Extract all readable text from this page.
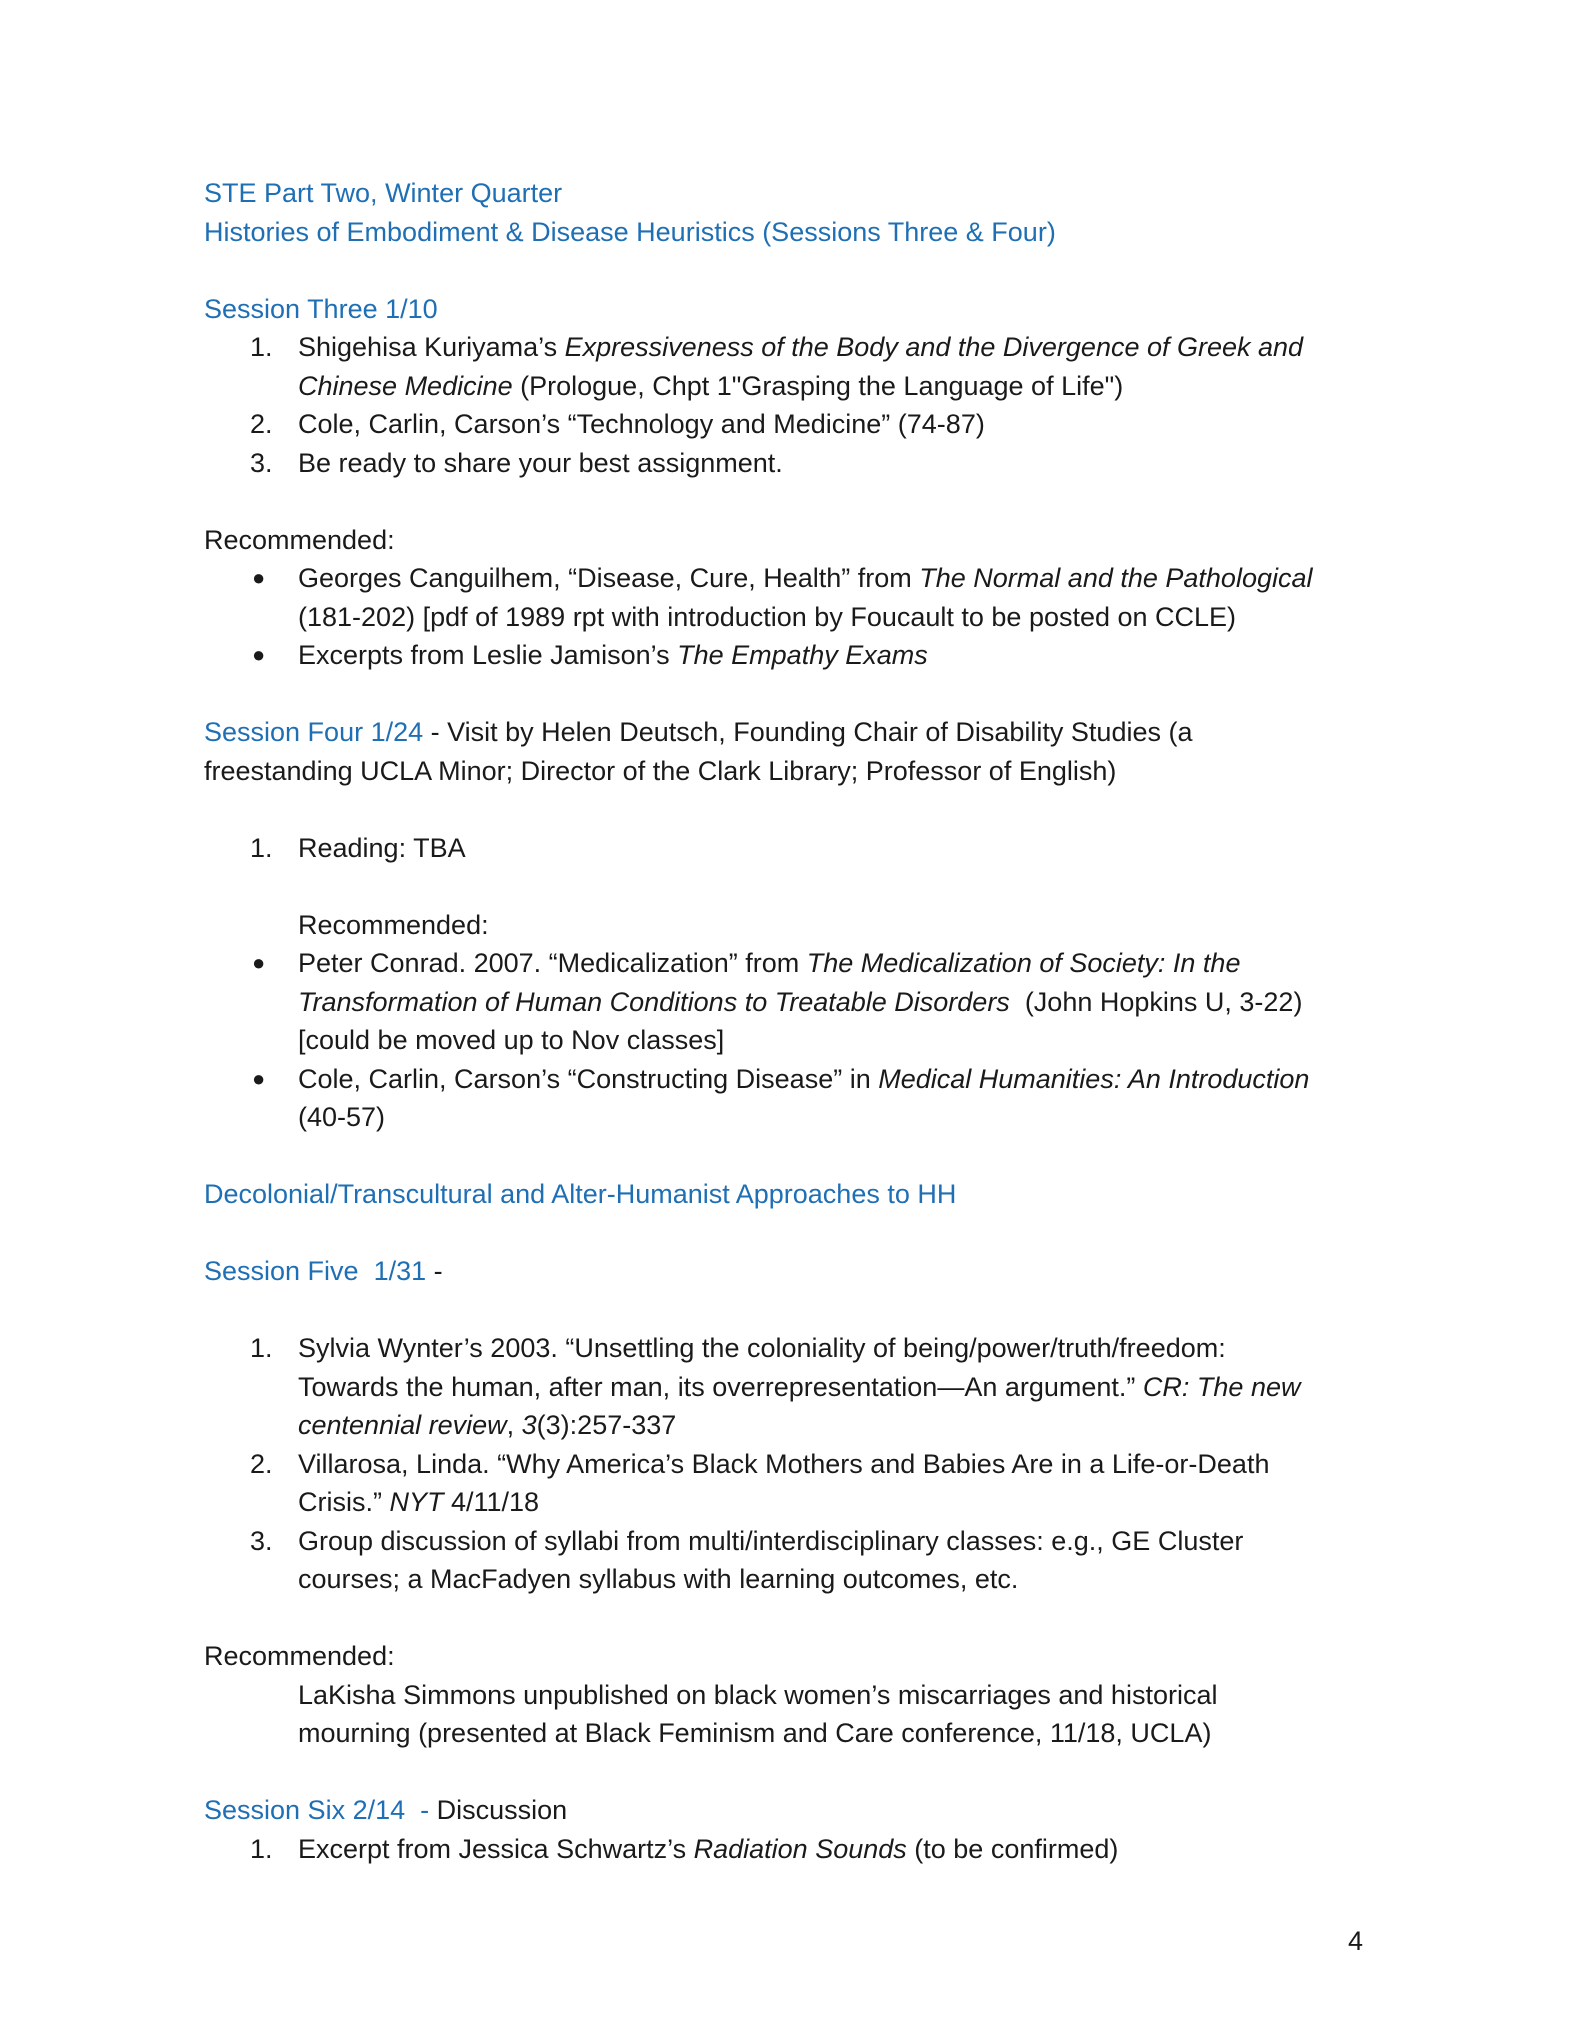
STE Part Two, Winter Quarter
Histories of Embodiment & Disease Heuristics (Sessions Three & Four)
Session Three 1/10
1. Shigehisa Kuriyama’s Expressiveness of the Body and the Divergence of Greek and
Chinese Medicine (Prologue, Chpt 1"Grasping the Language of Life")
2. Cole, Carlin, Carson’s “Technology and Medicine” (74-87)
3. Be ready to share your best assignment.
Recommended:
● Georges Canguilhem, “Disease, Cure, Health” from The Normal and the Pathological
(181-202) [pdf of 1989 rpt with introduction by Foucault to be posted on CCLE)
● Excerpts from Leslie Jamison’s The Empathy Exams
Session Four 1/24 - Visit by Helen Deutsch, Founding Chair of Disability Studies (a
freestanding UCLA Minor; Director of the Clark Library; Professor of English)
1. Reading: TBA
Recommended:
● Peter Conrad. 2007. “Medicalization” from The Medicalization of Society: In the
Transformation of Human Conditions to Treatable Disorders  (John Hopkins U, 3-22)
[could be moved up to Nov classes]
● Cole, Carlin, Carson’s “Constructing Disease” in Medical Humanities: An Introduction
(40-57)
Decolonial/Transcultural and Alter-Humanist Approaches to HH
Session Five  1/31 -
1. Sylvia Wynter’s 2003. “Unsettling the coloniality of being/power/truth/freedom:
Towards the human, after man, its overrepresentation—An argument.” CR: The new
centennial review, 3(3):257-337
2. Villarosa, Linda. “Why America’s Black Mothers and Babies Are in a Life-or-Death
Crisis.” NYT 4/11/18
3. Group discussion of syllabi from multi/interdisciplinary classes: e.g., GE Cluster
courses; a MacFadyen syllabus with learning outcomes, etc.
Recommended:
LaKisha Simmons unpublished on black women’s miscarriages and historical
mourning (presented at Black Feminism and Care conference, 11/18, UCLA)
Session Six 2/14  - Discussion
1. Excerpt from Jessica Schwartz’s Radiation Sounds (to be confirmed)
4
